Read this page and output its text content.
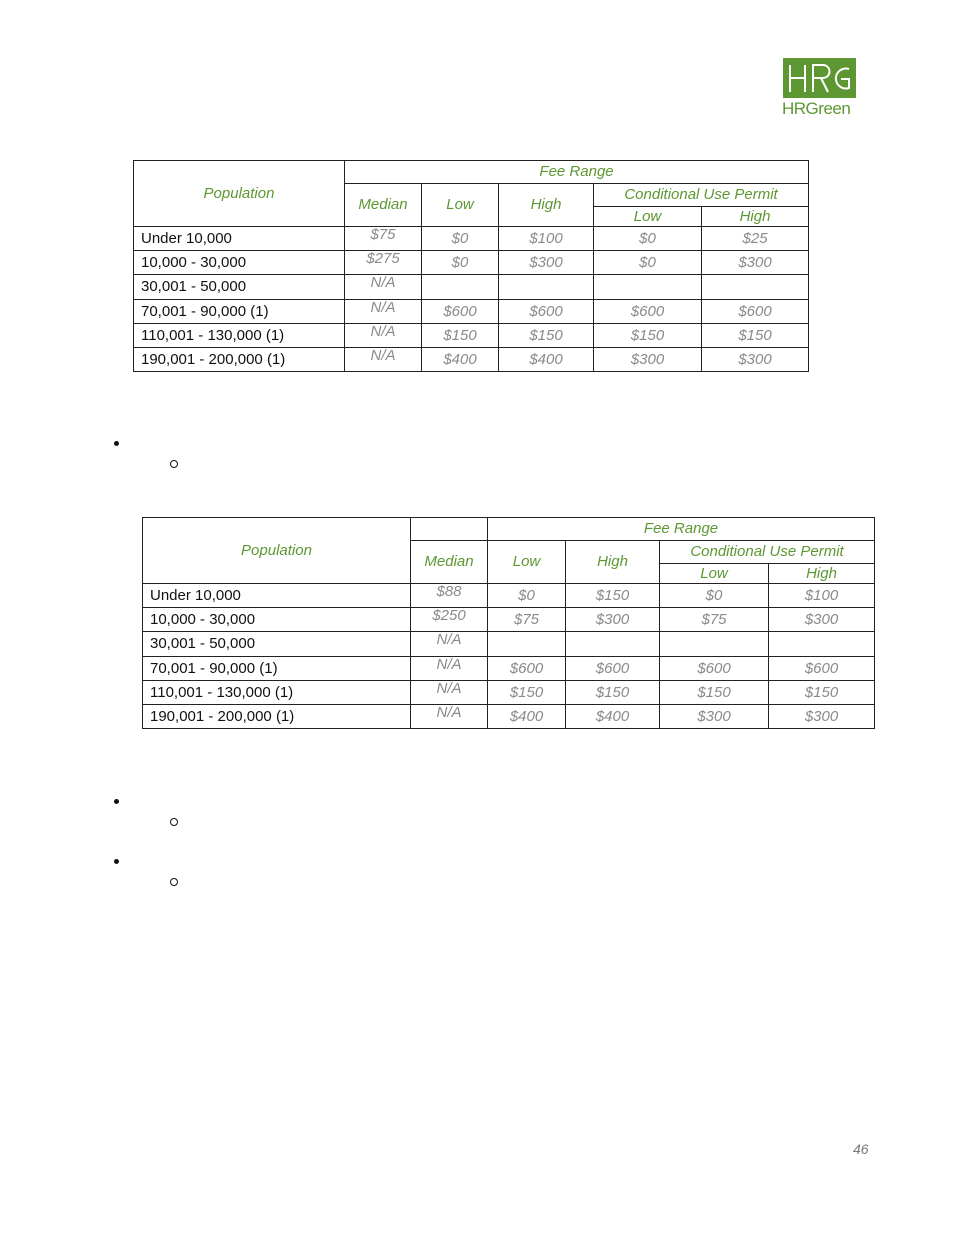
HRGreen
Population	Fee Range				
	Median	Low	High	Conditional Use Permit	
				Low	High
Under 10,000	$75	$0	$100	$0	$25
10,000 - 30,000	$275	$0	$300	$0	$300
30,001 - 50,000	N/A				
70,001 - 90,000 (1)	N/A	$600	$600	$600	$600
110,001 - 130,000 (1)	N/A	$150	$150	$150	$150
190,001 - 200,000 (1)	N/A	$400	$400	$300	$300
Population		Fee Range			
	Median	Low	High	Conditional Use Permit	
				Low	High
Under 10,000	$88	$0	$150	$0	$100
10,000 - 30,000	$250	$75	$300	$75	$300
30,001 - 50,000	N/A				
70,001 - 90,000 (1)	N/A	$600	$600	$600	$600
110,001 - 130,000 (1)	N/A	$150	$150	$150	$150
190,001 - 200,000 (1)	N/A	$400	$400	$300	$300
46
